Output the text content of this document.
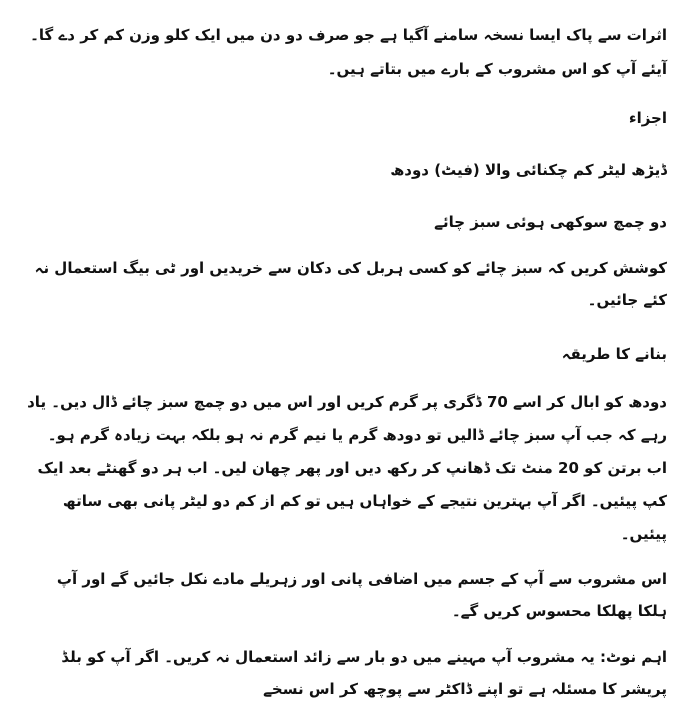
اثرات سے پاک ایسا نسخہ سامنے آگیا ہے جو صرف دو دن میں ایک کلو وزن کم کر دے گا۔ آیئے آپ کو اس مشروب کے بارے میں بتاتے ہیں۔

اجزاء

ڈیڑھ لیٹر کم چکنائی والا (فیٹ) دودھ

دو چمچ سوکھی ہوئی سبز چائے

کوشش کریں کہ سبز چائے کو کسی ہربل کی دکان سے خریدیں اور ٹی بیگ استعمال نہ کئے جائیں۔

بنانے کا طریقہ

دودھ کو ابال کر اسے 70 ڈگری پر گرم کریں اور اس میں دو چمچ سبز چائے ڈال دیں۔ یاد رہے کہ جب آپ سبز چائے ڈالیں تو دودھ گرم یا نیم گرم نہ ہو بلکہ بہت زیادہ گرم ہو۔ اب برتن کو 20 منٹ تک ڈھانپ کر رکھ دیں اور پھر چھان لیں۔ اب ہر دو گھنٹے بعد ایک کپ پیئیں۔ اگر آپ بہترین نتیجے کے خواہاں ہیں تو کم از کم دو لیٹر پانی بھی ساتھ پیئیں۔

اس مشروب سے آپ کے جسم میں اضافی پانی اور زہریلے مادے نکل جائیں گے اور آپ ہلکا پھلکا محسوس کریں گے۔

اہم نوٹ: یہ مشروب آپ مہینے میں دو بار سے زائد استعمال نہ کریں۔ اگر آپ کو بلڈ پریشر کا مسئلہ ہے تو اپنے ڈاکٹر سے پوچھ کر اس نسخے
